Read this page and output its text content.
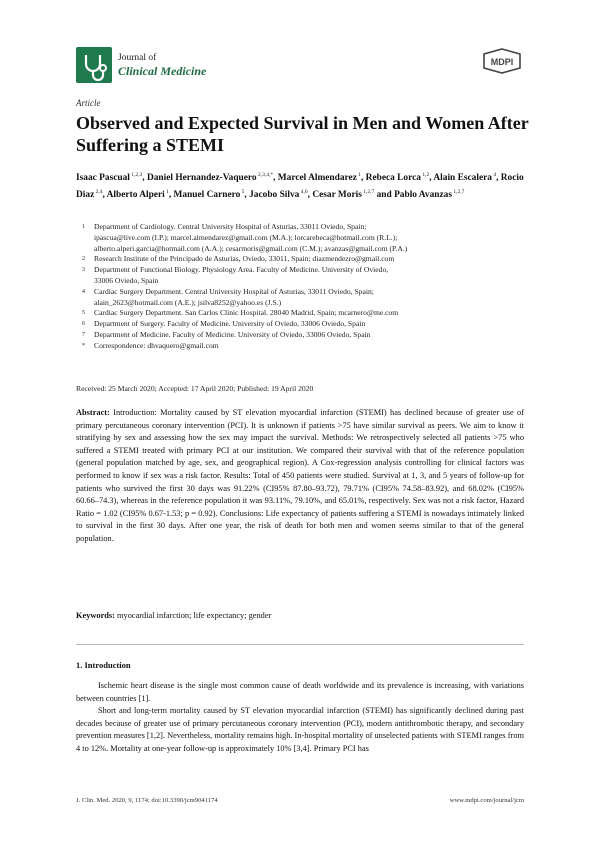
Journal of
Clinical Medicine
MDPI
Article
Observed and Expected Survival in Men and Women After Suffering a STEMI
Isaac Pascual $^{1,2,3}$, Daniel Hernandez-Vaquero $^{2,3,4,*}$, Marcel Almendarez $^1$, Rebeca Lorca $^{1,2}$, Alain Escalera $^4$, Rocio Diaz $^{2,4}$, Alberto Alperi $^1$, Manuel Carnero $^5$, Jacobo Silva $^{4,6}$, Cesar Moris $^{1,2,7}$ and Pablo Avanzas $^{1,2,7}$
1	Department of Cardiology. Central University Hospital of Asturias, 33011 Oviedo, Spain;
ipascua@live.com (I.P.); marcel.almendarez@gmail.com (M.A.); lorcarebeca@hotmail.com (R.L.);
alberto.alperi.garcia@hotmail.com (A.A.); cesarmoris@gmail.com (C.M.); avanzas@gmail.com (P.A.)
2	Research Institute of the Principado de Asturias, Oviedo, 33011, Spain; diazmendezro@gmail.com
3	Department of Functional Biology. Physiology Area. Faculty of Medicine. University of Oviedo,
33006 Oviedo, Spain
4	Cardiac Surgery Department. Central University Hospital of Asturias, 33011 Oviedo, Spain;
alain_2623@hotmail.com (A.E.); jsilva8252@yahoo.es (J.S.)
5	Cardiac Surgery Department. San Carlos Clinic Hospital. 28040 Madrid, Spain; mcarnero@me.com
6	Department of Surgery. Faculty of Medicine. University of Oviedo, 33006 Oviedo, Spain
7	Department of Medicine. Faculty of Medicine. University of Oviedo, 33006 Oviedo, Spain
*	Correspondence: dhvaquero@gmail.com
Received: 25 March 2020; Accepted: 17 April 2020; Published: 19 April 2020
Abstract: Introduction: Mortality caused by ST elevation myocardial infarction (STEMI) has declined because of greater use of primary percutaneous coronary intervention (PCI). It is unknown if patients >75 have similar survival as peers. We aim to know it stratifying by sex and assessing how the sex may impact the survival. Methods: We retrospectively selected all patients >75 who suffered a STEMI treated with primary PCI at our institution. We compared their survival with that of the reference population (general population matched by age, sex, and geographical region). A Cox-regression analysis controlling for clinical factors was performed to know if sex was a risk factor. Results: Total of 450 patients were studied. Survival at 1, 3, and 5 years of follow-up for patients who survived the first 30 days was 91.22% (CI95% 87.80–93.72), 79.71% (CI95% 74.58–83.92), and 68.02% (CI95% 60.66–74.3), whereas in the reference population it was 93.11%, 79.10%, and 65.01%, respectively. Sex was not a risk factor, Hazard Ratio = 1.02 (CI95% 0.67-1.53; p = 0.92). Conclusions: Life expectancy of patients suffering a STEMI is nowadays intimately linked to survival in the first 30 days. After one year, the risk of death for both men and women seems similar to that of the general population.
Keywords: myocardial infarction; life expectancy; gender
1. Introduction

Ischemic heart disease is the single most common cause of death worldwide and its prevalence is increasing, with variations between countries [1].

Short and long-term mortality caused by ST elevation myocardial infarction (STEMI) has significantly declined during past decades because of greater use of primary percutaneous coronary intervention (PCI), modern antithrombotic therapy, and secondary prevention measures [1,2]. Nevertheless, mortality remains high. In-hospital mortality of unselected patients with STEMI ranges from 4 to 12%. Mortality at one-year follow-up is approximately 10% [3,4]. Primary PCI has

J. Clin. Med. 2020, 9, 1174; doi:10.3390/jcm9041174	www.mdpi.com/journal/jcm
